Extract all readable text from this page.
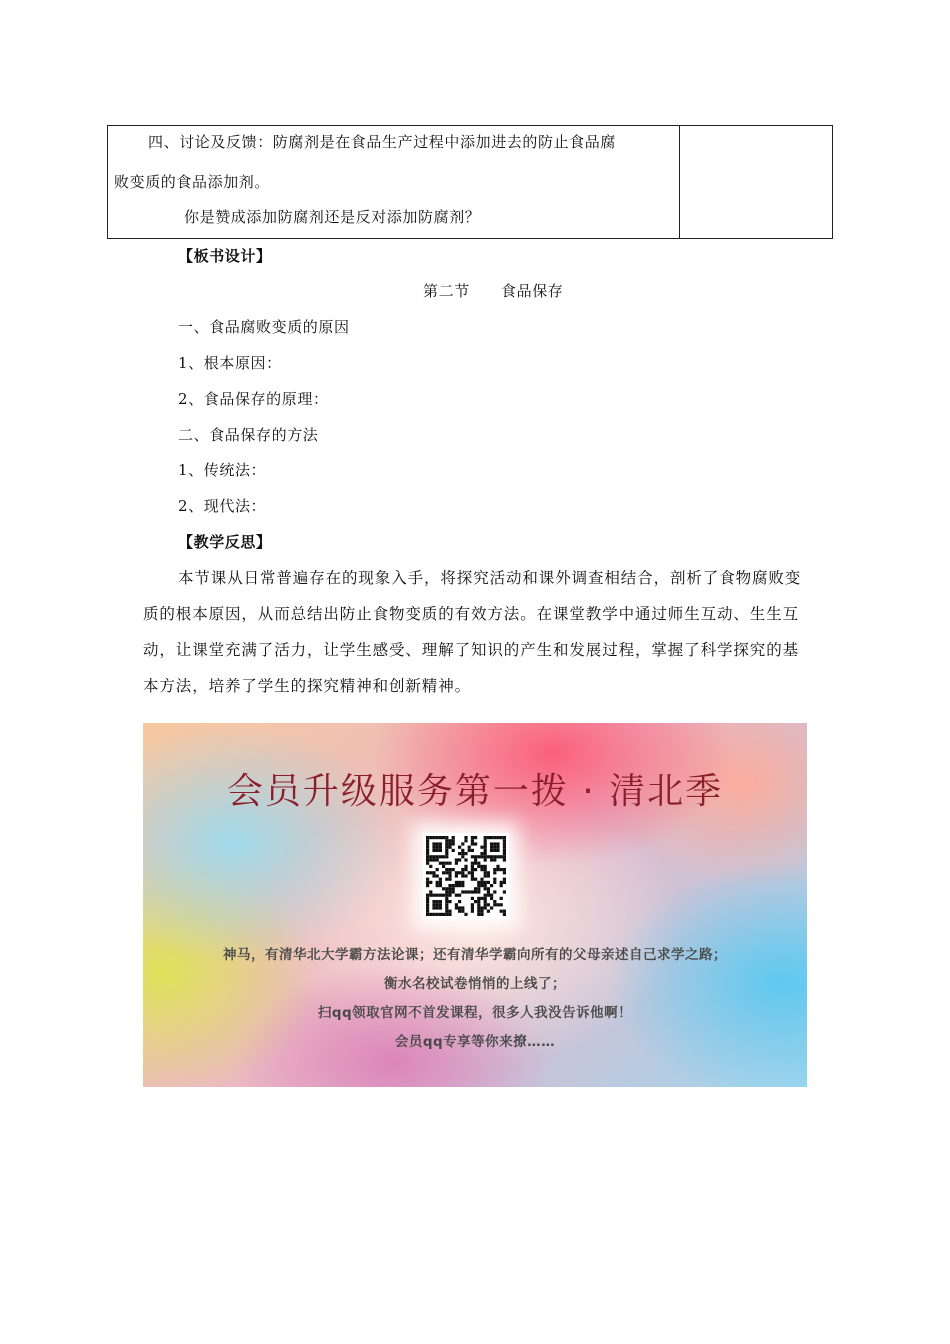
四、讨论及反馈：防腐剂是在食品生产过程中添加进去的防止食品腐
败变质的食品添加剂。
你是赞成添加防腐剂还是反对添加防腐剂？
【板书设计】
第二节　　食品保存
一、食品腐败变质的原因
1、根本原因：
2、食品保存的原理：
二、食品保存的方法
1、传统法：
2、现代法：
【教学反思】
本节课从日常普遍存在的现象入手，将探究活动和课外调查相结合，剖析了食物腐败变质的根本原因，从而总结出防止食物变质的有效方法。在课堂教学中通过师生互动、生生互动，让课堂充满了活力，让学生感受、理解了知识的产生和发展过程，掌握了科学探究的基本方法，培养了学生的探究精神和创新精神。
会员升级服务第一拨 · 清北季
神马，有清华北大学霸方法论课；还有清华学霸向所有的父母亲述自己求学之路；
衡水名校试卷悄悄的上线了；
扫qq领取官网不首发课程，很多人我没告诉他啊！
会员qq专享等你来撩……
